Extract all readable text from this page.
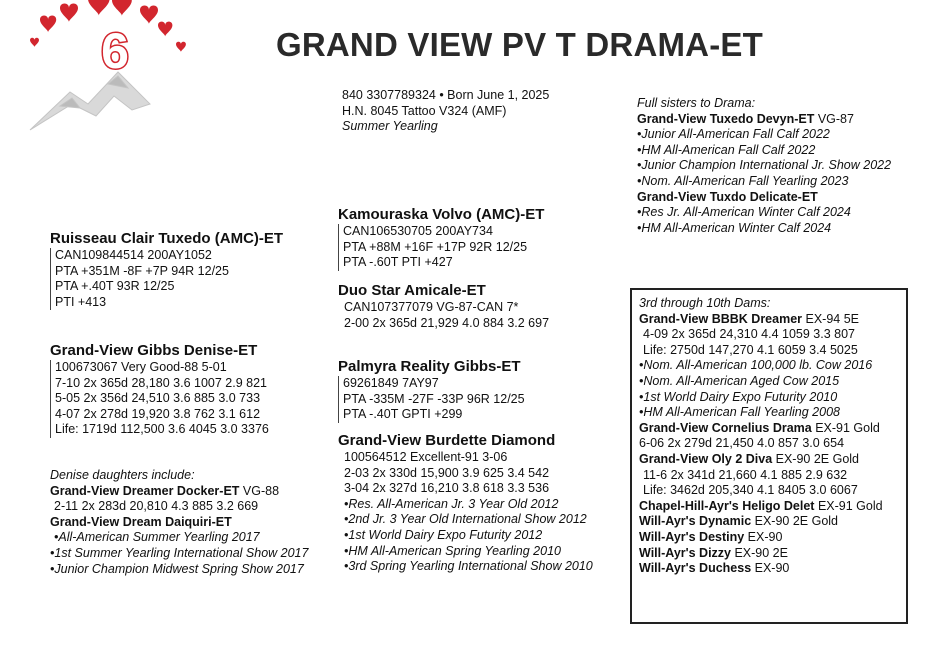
6	GRAND VIEW PV T DRAMA-ET
840 3307789324 • Born June 1, 2025
H.N. 8045 Tattoo V324 (AMF)
Summer Yearling
Full sisters to Drama:
Grand-View Tuxedo Devyn-ET VG-87
•Junior All-American Fall Calf 2022
•HM All-American Fall Calf 2022
•Junior Champion International Jr. Show 2022
•Nom. All-American Fall Yearling 2023
Grand-View Tuxdo Delicate-ET
•Res Jr. All-American Winter Calf 2024
•HM All-American Winter Calf 2024
Ruisseau Clair Tuxedo (AMC)-ET
CAN109844514 200AY1052
PTA +351M -8F +7P 94R 12/25
PTA +.40T 93R 12/25
PTI +413
Grand-View Gibbs Denise-ET
100673067 Very Good-88 5-01
7-10 2x 365d 28,180 3.6 1007 2.9 821
5-05 2x 356d 24,510 3.6 885 3.0 733
4-07 2x 278d 19,920 3.8 762 3.1 612
Life: 1719d 112,500 3.6 4045 3.0 3376
Denise daughters include:
Grand-View Dreamer Docker-ET VG-88
2-11 2x 283d 20,810 4.3 885 3.2 669
Grand-View Dream Daiquiri-ET
•All-American Summer Yearling 2017
•1st Summer Yearling International Show 2017
•Junior Champion Midwest Spring Show 2017
Kamouraska Volvo (AMC)-ET
CAN106530705 200AY734
PTA +88M +16F +17P 92R 12/25
PTA -.60T PTI +427
Duo Star Amicale-ET
CAN107377079 VG-87-CAN 7*
2-00 2x 365d 21,929 4.0 884 3.2 697
Palmyra Reality Gibbs-ET
69261849 7AY97
PTA -335M -27F -33P 96R 12/25
PTA -.40T GPTI +299
Grand-View Burdette Diamond
100564512 Excellent-91 3-06
2-03 2x 330d 15,900 3.9 625 3.4 542
3-04 2x 327d 16,210 3.8 618 3.3 536
•Res. All-American Jr. 3 Year Old 2012
•2nd Jr. 3 Year Old International Show 2012
•1st World Dairy Expo Futurity 2012
•HM All-American Spring Yearling 2010
•3rd Spring Yearling International Show 2010
3rd through 10th Dams:
Grand-View BBBK Dreamer EX-94 5E
4-09 2x 365d 24,310 4.4 1059 3.3 807
Life: 2750d 147,270 4.1 6059 3.4 5025
•Nom. All-American 100,000 lb. Cow 2016
•Nom. All-American Aged Cow 2015
•1st World Dairy Expo Futurity 2010
•HM All-American Fall Yearling 2008
Grand-View Cornelius Drama EX-91 Gold
6-06 2x 279d 21,450 4.0 857 3.0 654
Grand-View Oly 2 Diva EX-90 2E Gold
11-6 2x 341d 21,660 4.1 885 2.9 632
Life: 3462d 205,340 4.1 8405 3.0 6067
Chapel-Hill-Ayr's Heligo Delet EX-91 Gold
Will-Ayr's Dynamic EX-90 2E Gold
Will-Ayr's Destiny EX-90
Will-Ayr's Dizzy EX-90 2E
Will-Ayr's Duchess EX-90
